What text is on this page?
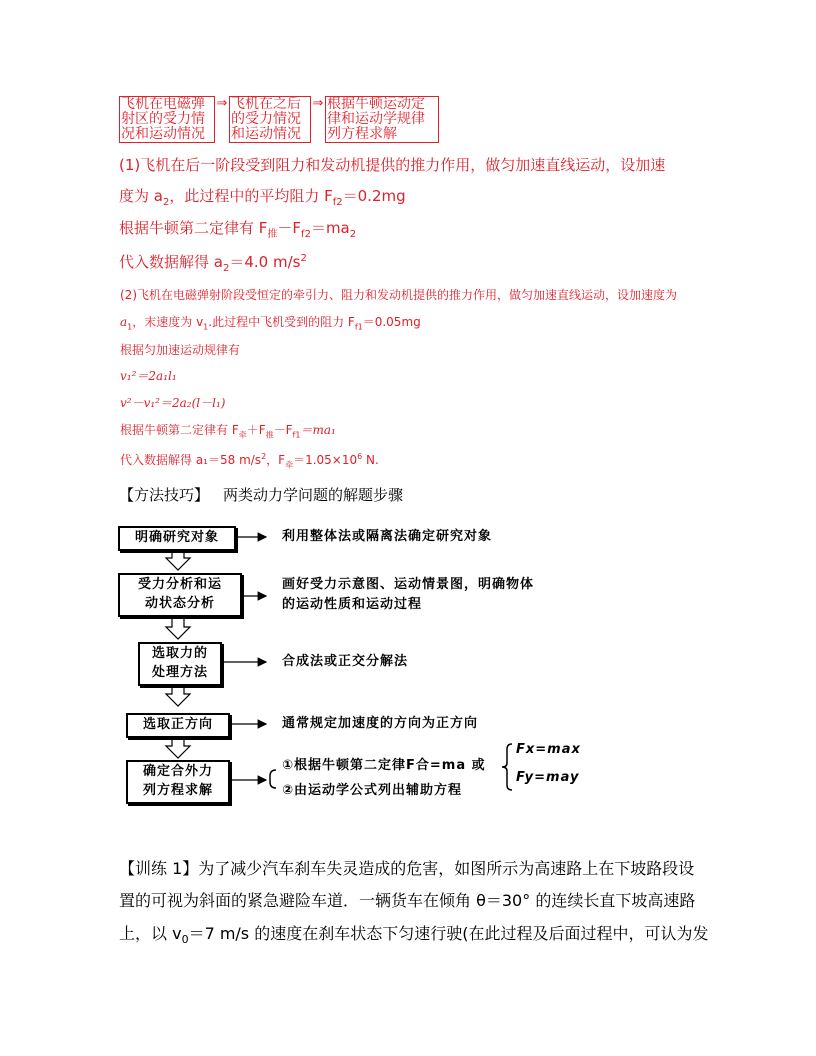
飞机在电磁弹
射区的受力情
况和运动情况
⇒ 飞机在之后
的受力情况
和运动情况
⇒ 根据牛顿运动定
律和运动学规律
列方程求解
(1)飞机在后一阶段受到阻力和发动机提供的推力作用，做匀加速直线运动，设加速
度为 $a_2$，此过程中的平均阻力 $F_{f2}=0.2mg$
根据牛顿第二定律有 $F_推-F_{f2}=ma_2$
代入数据解得 $a_2=4.0$ $m/s^2$
(2)飞机在电磁弹射阶段受恒定的牵引力、阻力和发动机提供的推力作用，做匀加速直线运动，设加速度为
$a_1$，末速度为 $v_1$.此过程中飞机受到的阻力 $F_{f1}=0.05mg$
根据匀加速运动规律有
v₁²＝2a₁l₁
v²－v₁²＝2a₂(l－l₁)
根据牛顿第二定律有 $F_牵+F_推-F_{f1}=ma_1$
代入数据解得 a₁＝58 $m/s^2$，$F_牵=1.05\times 10^6$ N.
【方法技巧】 两类动力学问题的解题步骤
明确研究对象	利用整体法或隔离法确定研究对象
受力分析和运
动状态分析
画好受力示意图、运动情景图，明确物体
的运动性质和运动过程
选取力的
处理方法
合成法或正交分解法
选取正方向	通常规定加速度的方向为正方向
确定合外力
列方程求解
①根据牛顿第二定律F合=ma 或
②由运动学公式列出辅助方程
Fx=max
Fy=may
【训练 1】为了减少汽车刹车失灵造成的危害，如图所示为高速路上在下坡路段设
置的可视为斜面的紧急避险车道．一辆货车在倾角 θ＝30° 的连续长直下坡高速路
上，以 $v_0=7$ m/s 的速度在刹车状态下匀速行驶(在此过程及后面过程中，可认为发
